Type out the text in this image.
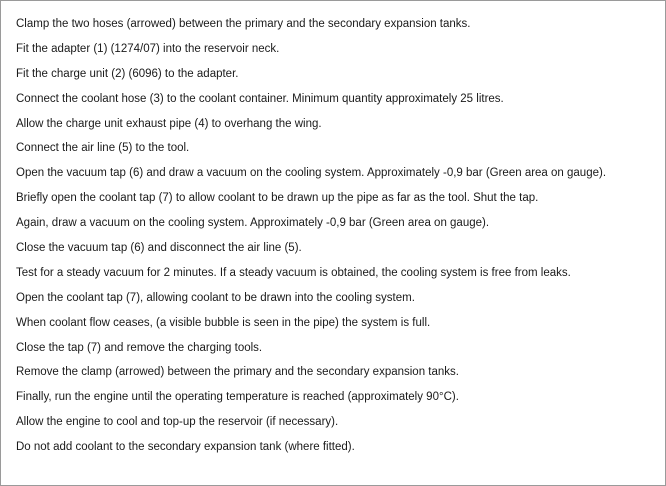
Clamp the two hoses (arrowed) between the primary and the secondary expansion tanks.
Fit the adapter (1) (1274/07) into the reservoir neck.
Fit the charge unit (2) (6096) to the adapter.
Connect the coolant hose (3) to the coolant container. Minimum quantity approximately 25 litres.
Allow the charge unit exhaust pipe (4) to overhang the wing.
Connect the air line (5) to the tool.
Open the vacuum tap (6) and draw a vacuum on the cooling system. Approximately -0,9 bar (Green area on gauge).
Briefly open the coolant tap (7) to allow coolant to be drawn up the pipe as far as the tool. Shut the tap.
Again, draw a vacuum on the cooling system. Approximately -0,9 bar (Green area on gauge).
Close the vacuum tap (6) and disconnect the air line (5).
Test for a steady vacuum for 2 minutes. If a steady vacuum is obtained, the cooling system is free from leaks.
Open the coolant tap (7), allowing coolant to be drawn into the cooling system.
When coolant flow ceases, (a visible bubble is seen in the pipe) the system is full.
Close the tap (7) and remove the charging tools.
Remove the clamp (arrowed) between the primary and the secondary expansion tanks.
Finally, run the engine until the operating temperature is reached (approximately 90°C).
Allow the engine to cool and top-up the reservoir (if necessary).
Do not add coolant to the secondary expansion tank (where fitted).
